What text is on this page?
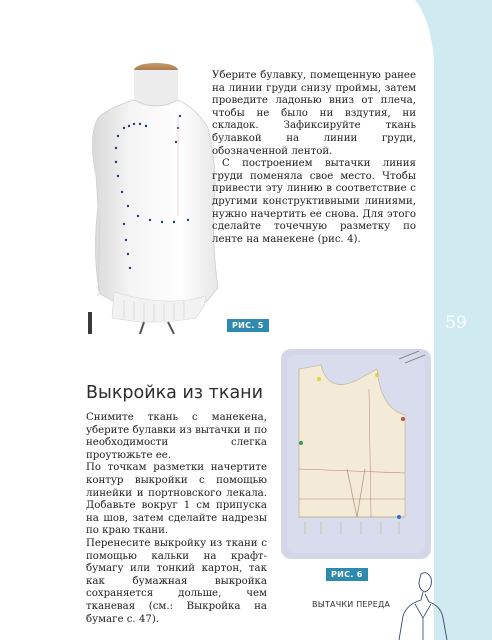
59
РИС. 5

Уберите булавку, помещенную ранее на линии груди снизу проймы, затем проведите ладонью вниз от плеча, чтобы не было ни вздутия, ни складок. Зафиксируйте ткань булавкой на линии груди, обозначенной лентой.

С построением вытачки линия груди поменяла свое место. Чтобы привести эту линию в соответствие с другими конструктивными линиями, нужно начертить ее снова. Для этого сделайте точечную разметку по ленте на манекене (рис. 4).

Выкройка из ткани

Снимите ткань с манекена, уберите булавки из вытачки и по необходимости слегка проутюжьте ее.

По точкам разметки начертите контур выкройки с помощью линейки и портновского лекала. Добавьте вокруг 1 см припуска на шов, затем сделайте надрезы по краю ткани.

Перенесите выкройку из ткани с помощью кальки на крафт-бумагу или тонкий картон, так как бумажная выкройка сохраняется дольше, чем тканевая (см.: Выкройка на бумаге с. 47).

РИС. 6
ВЫТАЧКИ ПЕРЕДА
